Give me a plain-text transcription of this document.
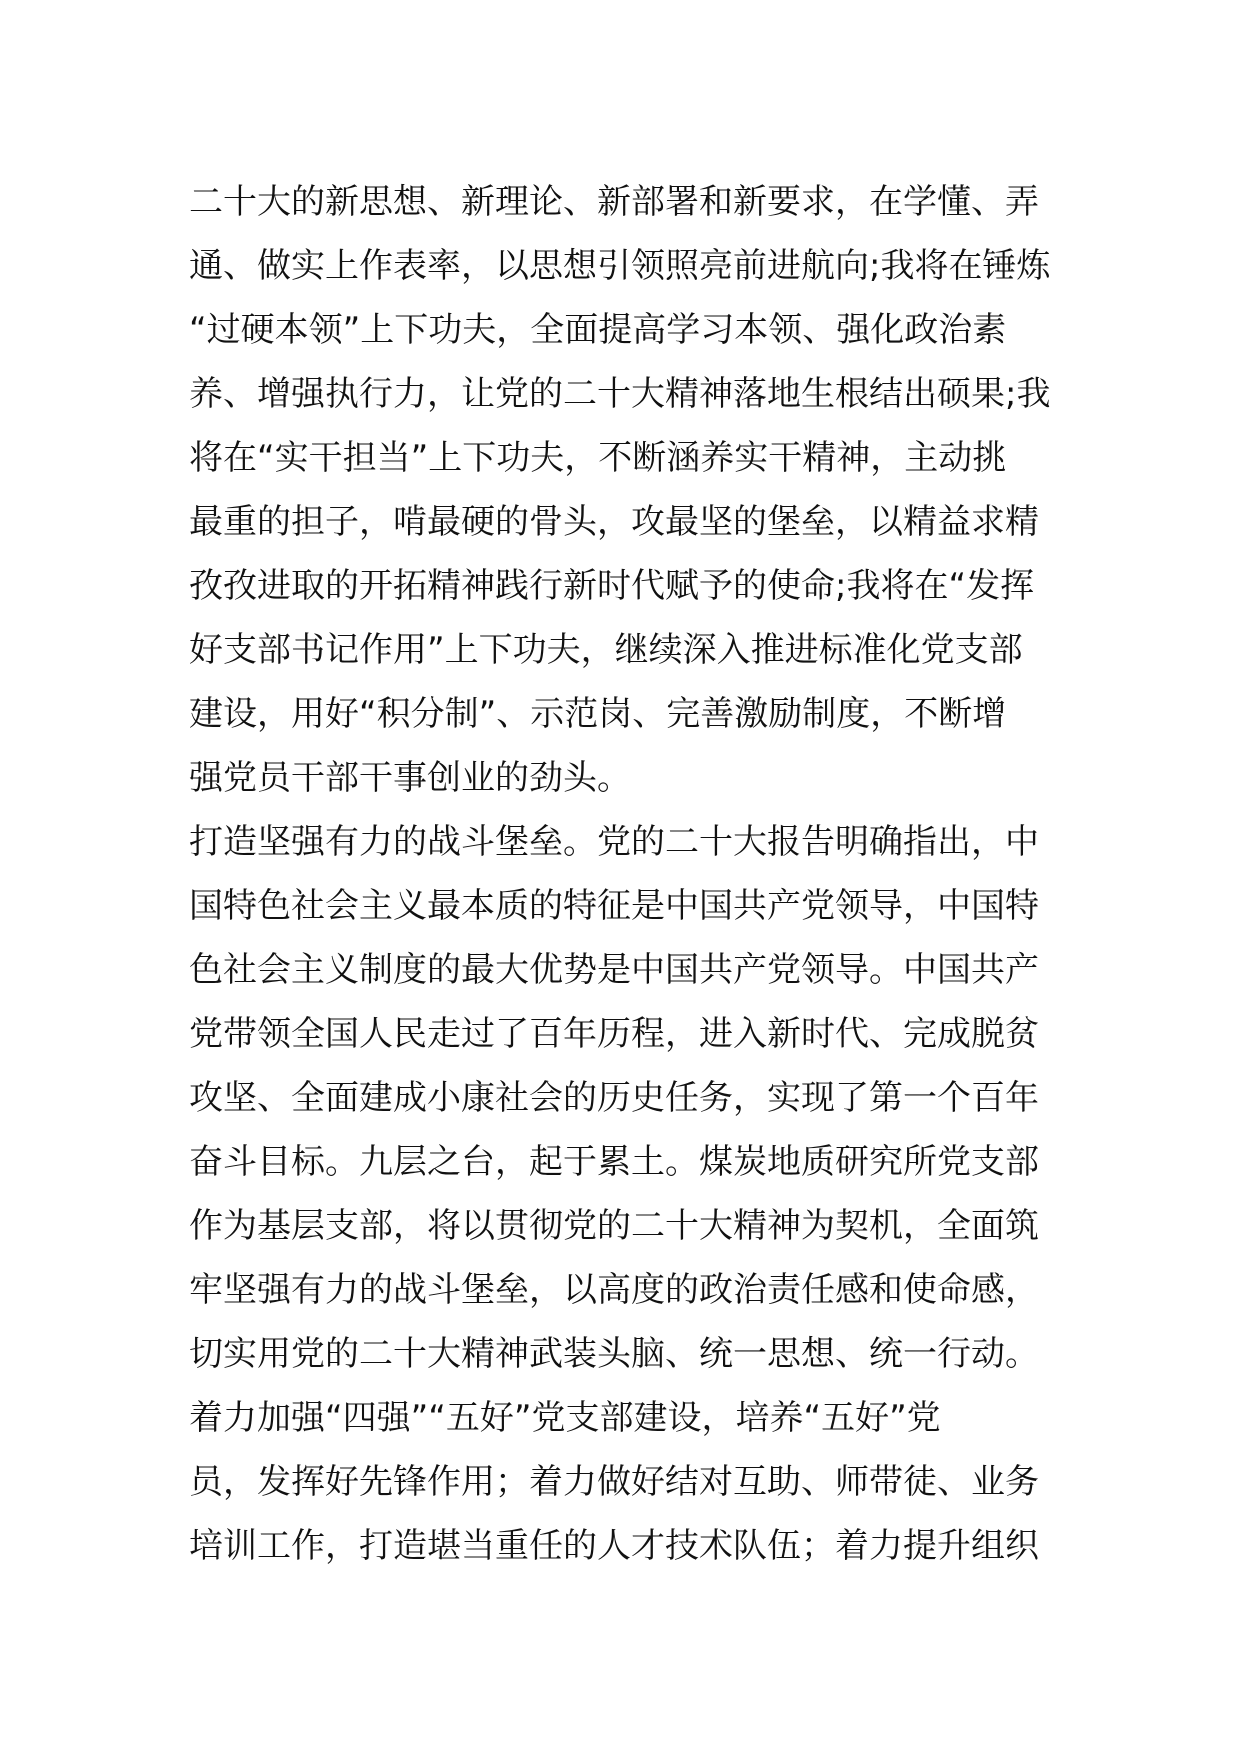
二十大的新思想、新理论、新部署和新要求，在学懂、弄
通、做实上作表率，以思想引领照亮前进航向;我将在锤炼
“过硬本领”上下功夫，全面提高学习本领、强化政治素
养、增强执行力，让党的二十大精神落地生根结出硕果;我
将在“实干担当”上下功夫，不断涵养实干精神，主动挑
最重的担子，啃最硬的骨头，攻最坚的堡垒，以精益求精
孜孜进取的开拓精神践行新时代赋予的使命;我将在“发挥
好支部书记作用”上下功夫，继续深入推进标准化党支部
建设，用好“积分制”、示范岗、完善激励制度，不断增
强党员干部干事创业的劲头。
打造坚强有力的战斗堡垒。党的二十大报告明确指出，中
国特色社会主义最本质的特征是中国共产党领导，中国特
色社会主义制度的最大优势是中国共产党领导。中国共产
党带领全国人民走过了百年历程，进入新时代、完成脱贫
攻坚、全面建成小康社会的历史任务，实现了第一个百年
奋斗目标。九层之台，起于累土。煤炭地质研究所党支部
作为基层支部，将以贯彻党的二十大精神为契机，全面筑
牢坚强有力的战斗堡垒，以高度的政治责任感和使命感，
切实用党的二十大精神武装头脑、统一思想、统一行动。
着力加强“四强”“五好”党支部建设，培养“五好”党
员，发挥好先锋作用；着力做好结对互助、师带徒、业务
培训工作，打造堪当重任的人才技术队伍；着力提升组织
